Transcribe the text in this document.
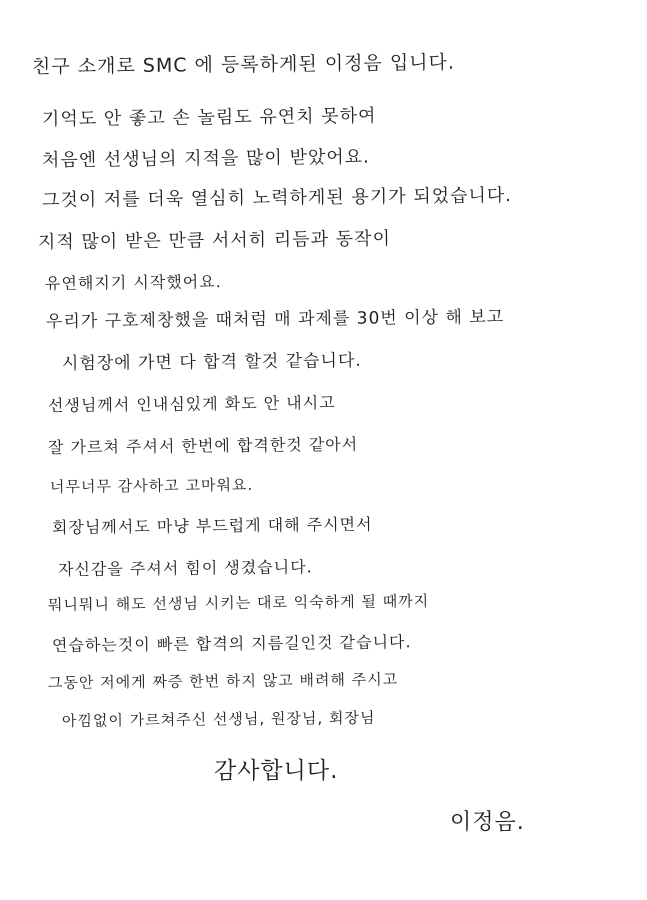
친구 소개로 SMC 에 등록하게된 이정음 입니다.

기억도 안 좋고 손 놀림도 유연치 못하여

처음엔 선생님의 지적을 많이 받았어요.

그것이 저를 더욱 열심히 노력하게된 용기가 되었습니다.

지적 많이 받은 만큼 서서히 리듬과 동작이

유연해지기 시작했어요.

우리가 구호제창했을 때처럼 매 과제를 30번 이상 해 보고

시험장에 가면 다 합격 할것 같습니다.

선생님께서 인내심있게 화도 안 내시고

잘 가르쳐 주셔서 한번에 합격한것 같아서

너무너무 감사하고 고마워요.

회장님께서도 마냥 부드럽게 대해 주시면서

자신감을 주셔서 힘이 생겼습니다.

뭐니뭐니 해도 선생님 시키는 대로 익숙하게 될 때까지

연습하는것이 빠른 합격의 지름길인것 같습니다.

그동안 저에게 짜증 한번 하지 않고 배려해 주시고

아낌없이 가르쳐주신 선생님, 원장님, 회장님

감사합니다.

이정음.
